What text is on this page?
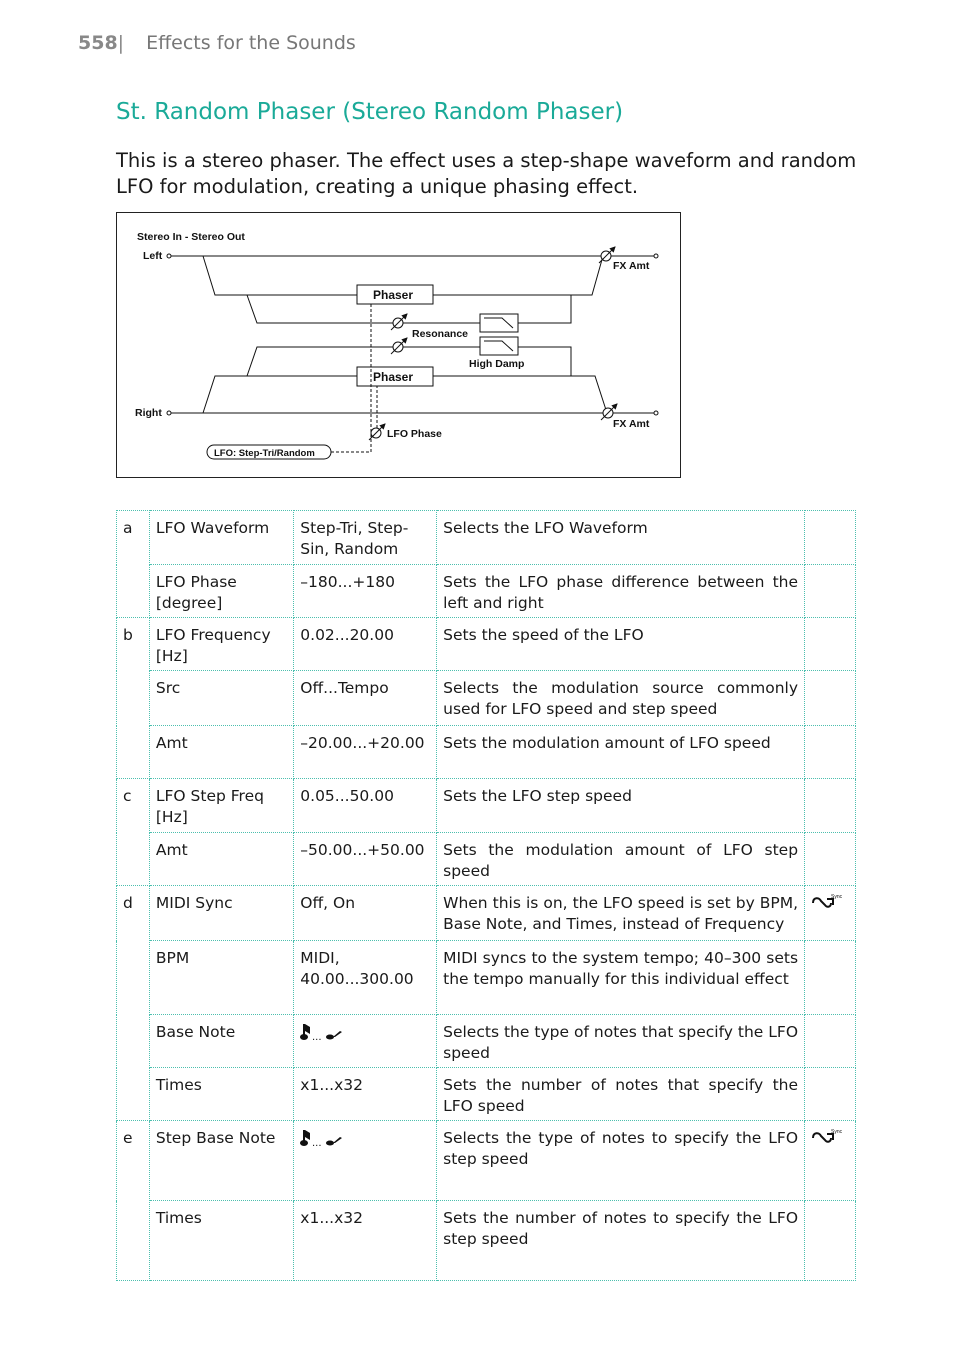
558| Effects for the Sounds
St. Random Phaser (Stereo Random Phaser)
This is a stereo phaser. The effect uses a step-shape waveform and random LFO for modulation, creating a unique phasing effect.
Stereo In - Stereo Out
Left
Right
FX Amt
FX Amt
Phaser
Phaser
Resonance
High Damp
LFO Phase
LFO: Step-Tri/Random
a	LFO Waveform	Step-Tri, Step-Sin, Random	Selects the LFO Waveform	
	LFO Phase [degree]	–180...+180	Sets the LFO phase difference between the left and right	
b	LFO Frequency [Hz]	0.02...20.00	Sets the speed of the LFO	
	Src	Off...Tempo	Selects the modulation source commonly used for LFO speed and step speed	
	Amt	–20.00...+20.00	Sets the modulation amount of LFO speed	
c	LFO Step Freq [Hz]	0.05...50.00	Sets the LFO step speed	
	Amt	–50.00...+50.00	Sets the modulation amount of LFO step speed	
d	MIDI Sync	Off, On	When this is on, the LFO speed is set by BPM, Base Note, and Times, instead of Frequency	Sync

	BPM	MIDI, 40.00...300.00	MIDI syncs to the system tempo; 40–300 sets the tempo manually for this individual effect	
	Base Note	...	Selects the type of notes that specify the LFO speed	
	Times	x1...x32	Sets the number of notes that specify the LFO speed	
e	Step Base Note	...	Selects the type of notes to specify the LFO step speed	Sync

	Times	x1...x32	Sets the number of notes to specify the LFO step speed	
